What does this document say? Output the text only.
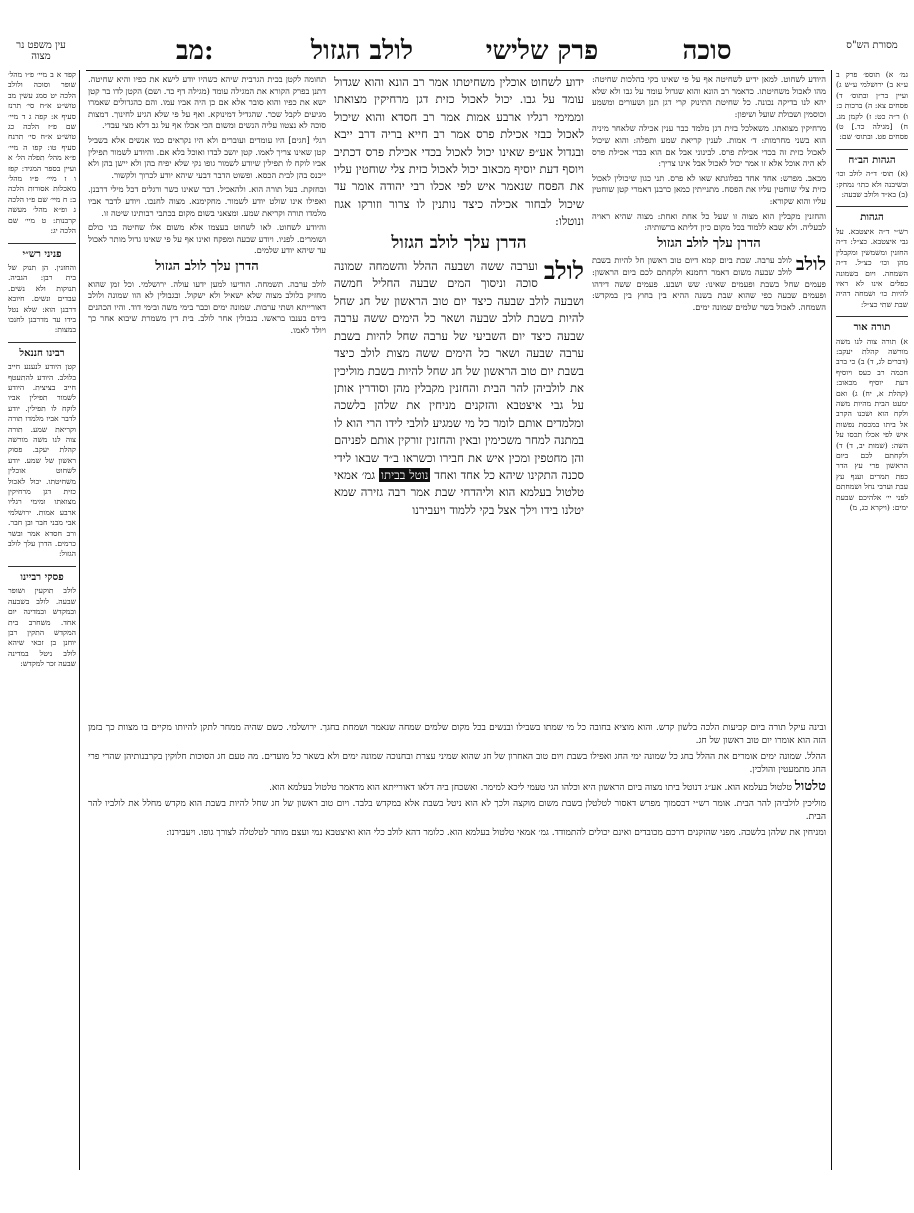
עין משפט נר מצוה	מב:	לולב הגזול	פרק שלישי	סוכה	מסורת הש"ס

קפד א ב מיי׳ פ״ו מהל׳ שופר וסוכה ולולב הלכה יט סמג עשין מב טוש״ע א״ח סי׳ תרנז סעיף א: קפה ג ד מיי׳ שם פ״ז הלכה כג טוש״ע א״ח סי׳ תרנח סעיף טו: קפו ה מיי׳ פ״א מהל׳ תפלה הל׳ א ועיין בספר המגיד: קפז ו ז מיי׳ פ״ו מהל׳ מאכלות אסורות הלכה ב: ח מיי׳ שם פ״ו הלכה ג ופ״א מהל׳ מעשה קרבנות: ט מיי׳ שם הלכה יג:

פניני רש״י

והחזנין. הן תנוק של בית רבן: הגביה. תנוקות ולא נשים. עבדים ונשים. חיובא דרבנן הוא: שלא נטל בידו עד מדרבנן לחנכו במצות:

רבינו חננאל

קטן היודע לנענע חייב בלולב. היודע להתעטף חייב בציצית. היודע לשמור תפילין אביו לוקח לו תפילין. יודע לדבר אביו מלמדו תורה וקריאת שמע. תורה צוה לנו משה מורשה קהלת יעקב. פסוק ראשון של שמע. יודע לשחוט אוכלין משחיטתו. יכול לאכול כזית דגן מרחיקין מצואתו ומימי רגליו ארבע אמות. ירושלמי אבי מבני חבר ובן חבר. ורב חסדא אמר ובשר כרמים. הדרן עלך לולב הגזול:

פסקי רביינו

לולב תוקעין ושופר שבעה. לולב בשבעה ובמקדש ובמדינה יום אחד. משחרב בית המקדש התקין רבן יוחנן בן זכאי שיהא לולב ניטל במדינה שבעה זכר למקדש:

תחומה לקטן בכית הגרבית שיהא כשהיו יודע לישא את כפיו והיא שחיטה. דתנן בפרק הקורא את המגילה עומד (מגילה דף כד. ושם) הקטן לדו בר קטן ישא את כפיו והוא סובר אלא אם כן היה אביו עמו. והם כהגדולים שאמרו מגיעים לקבל שכר. שהגדיל דמינוקא. ואף על פי שלא הגיע לחינוך. דמצות סוכה לא נצטוו עליה הנשים ומשום הכי אכלו אף על גב דלא מצי עבדי.

רגלי [חגים] היו עומדים ועוברים ולא היו נקראים כמו אנשים אלא בשביל קטן שאינו צריך לאמו. קטן יושב לבדו ואוכל בלא אם. והיודע לשמור תפילין אביו לוקח לו תפילין שיודע לשמור גופו נקי שלא יפיח בהן ולא יישן בהן ולא ייכנס בהן לבית הכסא. ופשוט הדבר דבעי שיהא יודע לכרוך ולקשור.

ובחזקת. בעל תורה הוא. ולהאכיל. דבר שאינו כשר ורגלים דכל מילי דרבנן. ואפילו אינו שולט יודע לשמור. מחקימנא. מצוה לחנכו. ויודע לדבר אביו מלמדו תורה וקריאת שמע. ומצאני בשום מקום בכתבי רבותינו שיטה זו.

והיודע לשחוט. לאו לשחוט בעצמו אלא משום אלו שחיטה בני כולם ושומרים. לפניו. ויודע שבעה ומפקח ואינו אף על פי שאינו גדול מותר לאכול עד שיהא יודע שלמים.

הדרן עלך לולב הגזול

לולב ערבה. תשמחה. הודיעו למען ידעו עולה. ירושלמי. וכל זמן שהוא מחזיק בלולב מצוה שלא ישאיל ולא ישקול. ובגבולין לא הוו שמונה ולולב דאורייתא ושתי ערבות. שמונה ימים וכבר בימי משה ובימי דוד. והיו הכהנים בידם בענבו בראשו. בגבולין אחר לולב. בית דין משמרת שיבוא אחר כך ויולד לאמו.

ידוע לשחוט אוכלין משחיטתו אמר רב הונא והוא שגדול עומד על גבו. יכול לאכול כזית דגן מרחיקין מצואתו וממימי רגליו ארבע אמות אמר רב חסדא והוא שיכול לאכול כבזי אכילת פרס אמר רב חייא בריה דרב ייבא ובגדול אע״פ שאינו יכול לאכול בכדי אכילת פרס דכתיב ויוסף דעת יוסיף מכאוב יכול לאכול כזית צלי שוחטין עליו את הפסח שנאמר איש לפי אכלו רבי יהודה אומר עד שיכול לבחור אכילה כיצד נותנין לו צרור וזורקו אגוז ונוטלו:

הדרן עלך לולב הגזול

לולב
וערבה ששה ושבעה ההלל והשמחה שמונה סוכה וניסוך המים שבעה החליל חמשה ושבעה לולב שבעה כיצד יום טוב הראשון של חג שחל להיות בשבת לולב שבעה ושאר כל הימים ששה ערבה שבעה כיצד יום השביעי של ערבה שחל להיות בשבת ערבה שבעה ושאר כל הימים ששה מצות לולב כיצד בשבת יום טוב הראשון של חג שחל להיות בשבת מוליכין את לולביהן להר הבית והחזנין מקבלין מהן וסודרין אותן על גבי איצטבא והזקנים מניחין את שלהן בלשכה ומלמדים אותם לומר כל מי שמגיע לולבי לידו הרי הוא לו במתנה למחר משכימין ובאין והחזנין זורקין אותם לפניהם והן מחטפין ומכין איש את חבירו וכשראו ב״ד שבאו לידי סכנה התקינו שיהא כל אחד ואחד נוטל בביתו גמ׳ אמאי טלטול בעלמא הוא וליהדחי שבת אמר רבה גזירה שמא יטלנו בידו וילך אצל בקי ללמוד ויעבירנו

היודע לשחוט. למאן ידיע לשחיטה אף על פי שאינו בקי בהלכות שחיטה: מהו לאכול משחיטתו. כדאמר רב הונא והוא שגדול עומד על גבו ולא שלא יהא לנו בדיקה נכונה. כל שחיטת התינוק קרי דגן תנן ושעורים ומשמע וכוסמין ושבולת שועל ושיפון:

מרחיקין מצואתו. משאלכל בזית דגן מלמד כבר ענין אכילה שלאחר מיניה הוא בשני מחרמות: ד׳ אמות. לענין קריאת שמע ותפלה: והוא שיכול לאכול כזית זה בכדי אכילת פרס. לבינוני אבל אם הוא בכדי אכילת פרס לא היה אוכל אלא זו אמר יכול לאכול אבל אינו צריך:

מכאב. מפרש: אחד אחד בפלוגתא שאו לא פרס. תני כגון שיכולין לאכול כזית צלי שוחטין עליו את הפסח. מתנייתין כמאן כרבנן דאמרי קטן שוחטין עליו והוא שקורא:

והחזנין מקבלין הוא מצוה זו שעל כל אחת ואחת: מצוה שהיא ראויה לבעליה. ולא שבא ללמוד בכל מקום כיון דליתא ברשותיה:

הדרן עלך לולב הגזול

לולב
לולב ערבה. שבת ביום קמא דיום טוב ראשון חל להיות בשבת לולב שבעה משום דאמר רחמנא ולקחתם לכם ביום הראשון: פעמים שחל בשבת ופעמים שאינו: שש ושבע. פעמים ששה דידהו ופעמים שבעה כפי שהוא שבת בשנה ההיא בין בחוץ בין במקדש: השמחה. לאכול בשר שלמים שמונה ימים.

ובינה עיקל תורה ביום קביעות הלכה בלשון קדש. והוא מוציא בחובה כל מי שמתו בשבילו ובנשים בכל מקום שלמים שמחה שנאמר ושמחת בחגך. ירושלמי. כשם שהיה ממחר לתקן להיותו מקיים בו מצוות כך בזמן הזה הוא אומרו יום טוב ראשון של חג.

ההלל. שמונה ימים אומרים את ההלל בחג כל שמונה ימי החג ואפילו בשבת ויום טוב האחרון של חג שהוא שמיני עצרת ובחנוכה שמונה ימים ולא בשאר כל מועדים. מה טעם חג הסוכות חלוקין בקרבנותיהן שהרי פרי החג מתמעטין והולכין.

טלטול טלטול בעלמא הוא. אע״ג דנוטל ביתו מצוה ביום הראשון היא וכלהו הגי טעמי ליכא למימר. ואשכחן ביה דלאו דאורייתא הוא מדאמר טלטול בעלמא הוא.

מוליכין לולביהן להר הבית. אומר רש״י דבסמוך מפרש דאסור לטלטלן בשבת משום מוקצה ולכך לא הוא ניטל בשבת אלא במקדש בלבד. ויום טוב ראשון של חג שחל להיות בשבת הוא מקדש מחלל את לולביו להר הבית.

ומניחין את שלהן בלשכה. מפני שהזקנים דרכם מכובדים ואינם יכולים להתמודד. גמ׳ אמאי טלטול בעלמא הוא. כלומר דהא לולב כלי הוא ואיצטבא נמי ועצם מותר לטלטלה לצורך גופו. ויעבירנו:

גמ׳ א) תוספ׳ פרק ב ע״א ב) ירושלמי ע״ש ג) ועיין בר״ן ובתוס׳ ד) פסחים צא: ה) ברכות כ: ו) ר״ה כט: ז) לקמן מג. ח) [מגילה כד.] ט) פסחים פט. ובתוס׳ שם:

הגהות הב״ח

(א) תוס׳ ד״ה לולב וכו׳ ובשיבנה ולא כתו׳ נמחק: (ב) בא״ד ולולב שבעה:

הגהות

רש״י ד״ה איצטבא. על גבי איצטבא. כצ״ל: ד״ה החזנין ומשמשין ומקבלין מהן וכו׳ כצ״ל. ד״ה השמחה. ויום בשמונה כפלים אינו לא ראיו להיות כו׳ ושמחה דהיה שבת שתי כצ״ל:

תורה אור

א) תורה צוה לנו משה מורשה קהלת יעקב: (דברים לג, ד) ב) כי ברב חכמה רב כעס ויוסיף דעת יוסיף מכאוב: (קהלת א, יח) ג) ואם ימעט הבית מהיות משה ולקח הוא ושכנו הקרב אל ביתו במכסת נפשות איש לפי אכלו תכסו על השה: (שמות יב, ד) ד) ולקחתם לכם ביום הראשון פרי עץ הדר כפת תמרים וענף עץ עבת וערבי נחל ושמחתם לפני יי׳ אלהיכם שבעת ימים: (ויקרא כג, מ)
